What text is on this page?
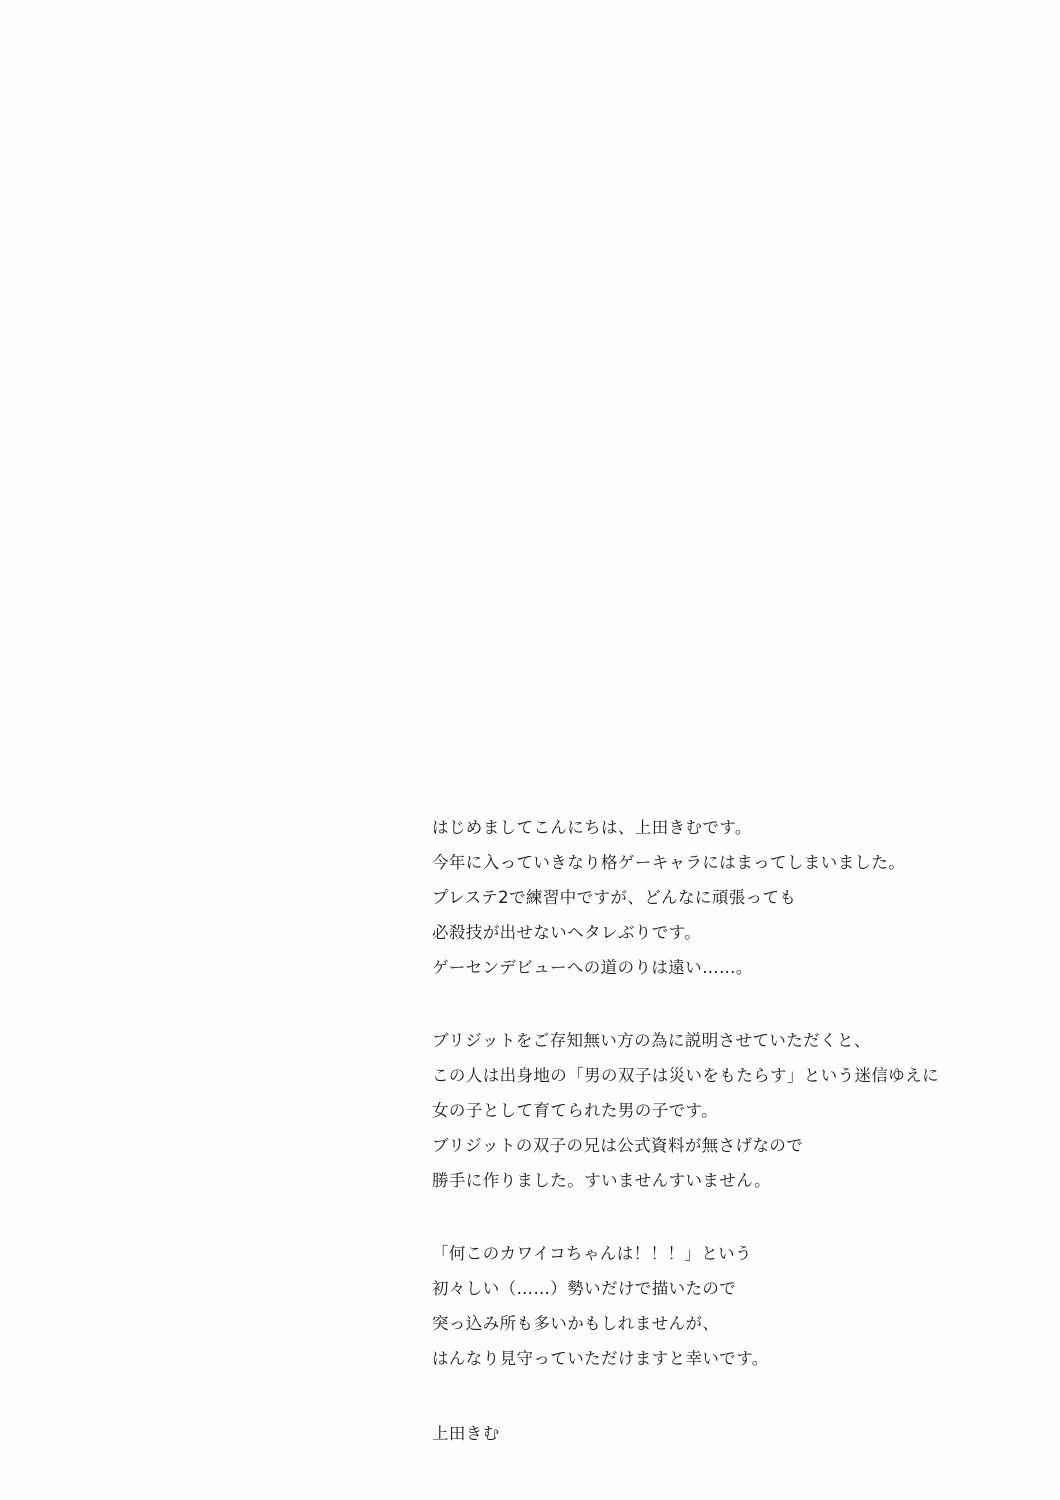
はじめましてこんにちは、上田きむです。
今年に入っていきなり格ゲーキャラにはまってしまいました。
プレステ2で練習中ですが、どんなに頑張っても
必殺技が出せないヘタレぶりです。
ゲーセンデビューへの道のりは遠い……。
ブリジットをご存知無い方の為に説明させていただくと、
この人は出身地の「男の双子は災いをもたらす」という迷信ゆえに
女の子として育てられた男の子です。
ブリジットの双子の兄は公式資料が無さげなので
勝手に作りました。すいませんすいません。
「何このカワイコちゃんは！！！」という
初々しい（……）勢いだけで描いたので
突っ込み所も多いかもしれませんが、
はんなり見守っていただけますと幸いです。
上田きむ
